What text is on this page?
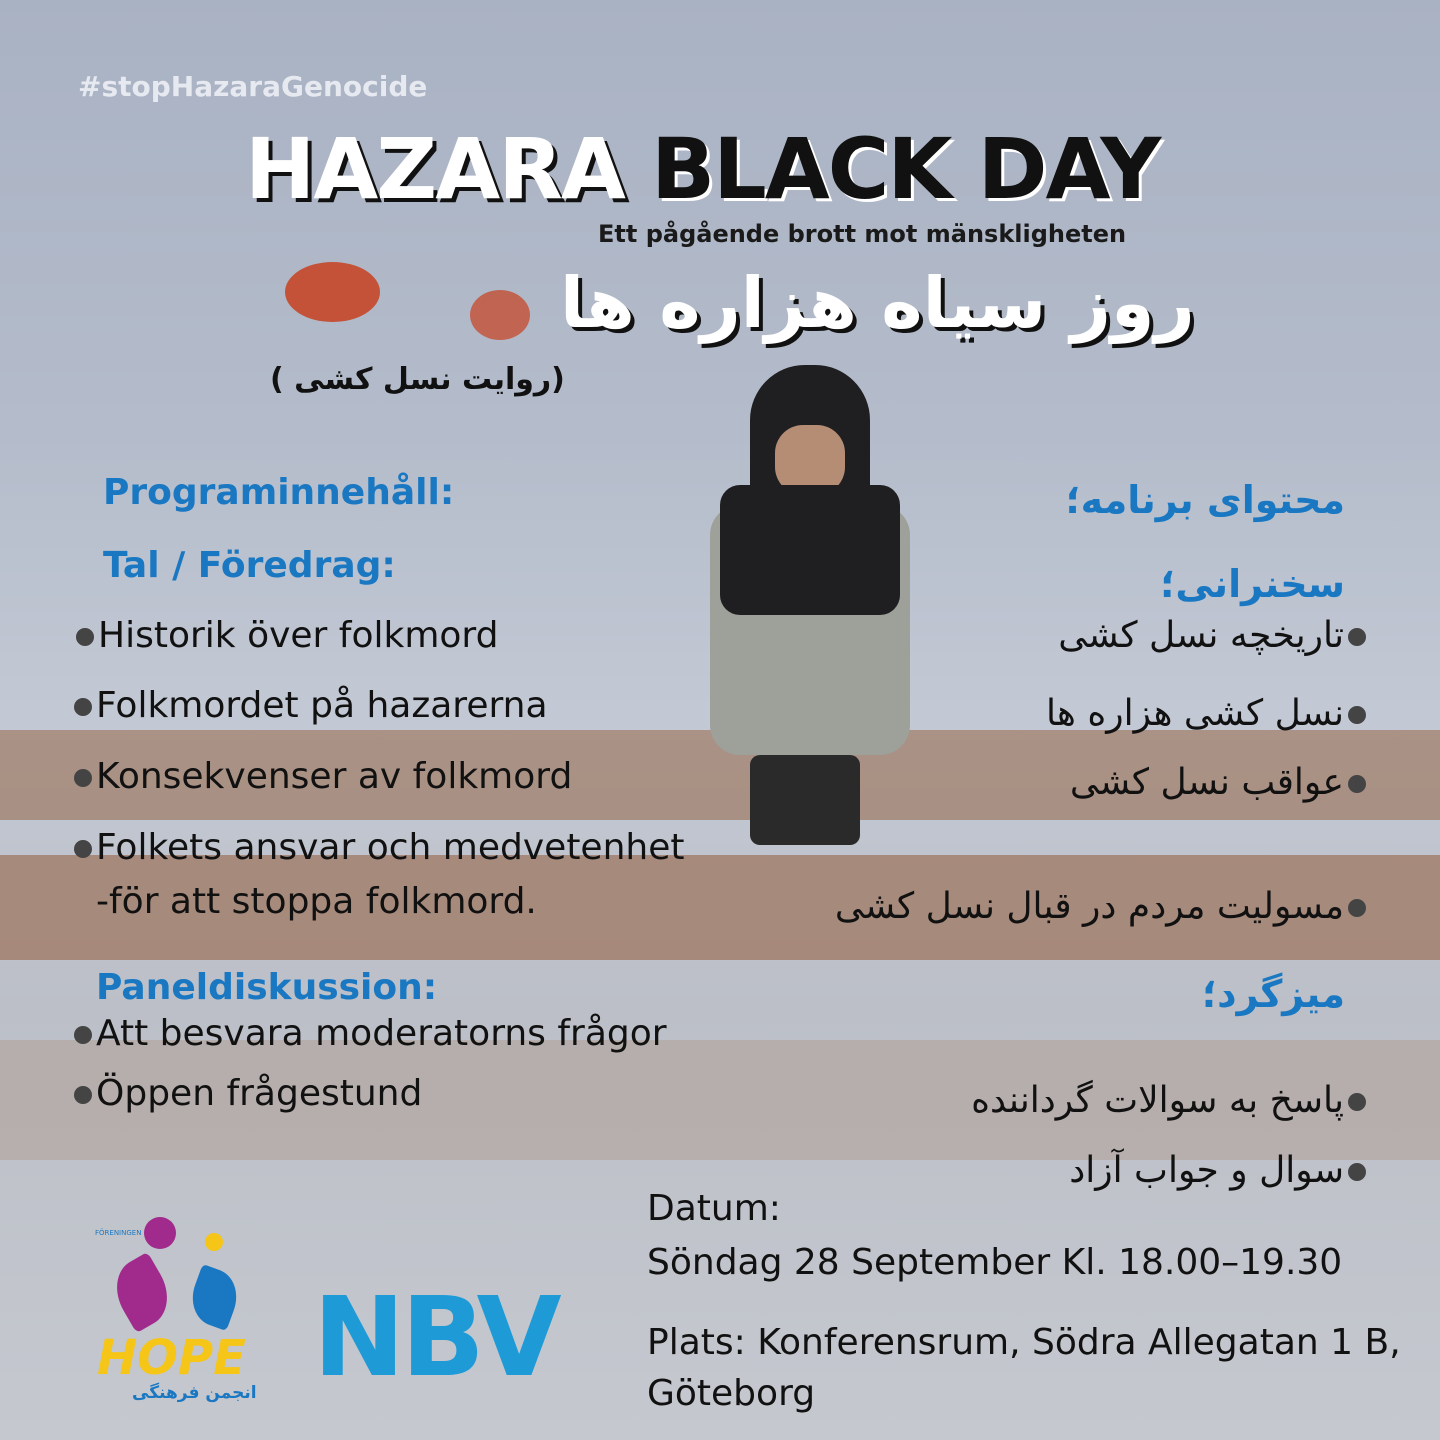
#stopHazaraGenocide
HAZARA BLACK DAY
Ett pågående brott mot mänskligheten
روز سیاه هزاره ها
(روایت نسل کشی )
Programinnehåll:
Tal / Föredrag:
Historik över folkmord
Folkmordet på hazarerna
Konsekvenser av folkmord
Folkets ansvar och medvetenhet
-för att stoppa folkmord.
Paneldiskussion:
Att besvara moderatorns frågor
Öppen frågestund
محتوای برنامه؛
سخنرانی؛
تاریخچه نسل کشی
نسل کشی هزاره ها
عواقب نسل کشی
مسولیت مردم در قبال نسل کشی
میزگرد؛
پاسخ به سوالات گرداننده
سوال و جواب آزاد
Datum:
Söndag 28 September Kl. 18.00–19.30
Plats: Konferensrum, Södra Allegatan 1 B,
Göteborg
FÖRENINGEN
HOPE
انجمن فرهنگی NBV
